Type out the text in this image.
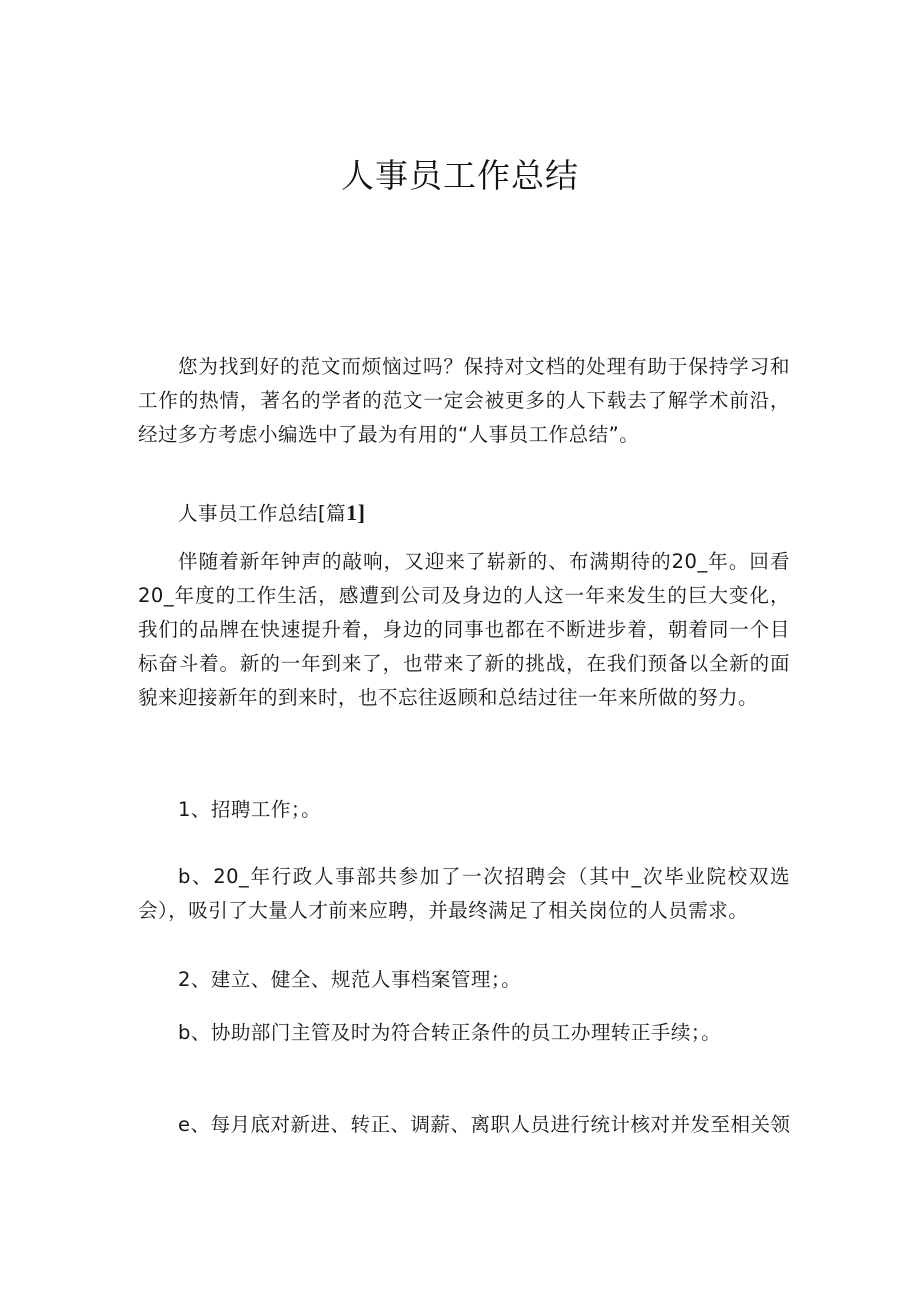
人事员工作总结

您为找到好的范文而烦恼过吗？保持对文档的处理有助于保持学习和工作的热情，著名的学者的范文一定会被更多的人下载去了解学术前沿，经过多方考虑小编选中了最为有用的“人事员工作总结”。

人事员工作总结[篇1]

伴随着新年钟声的敲响，又迎来了崭新的、布满期待的20_年。回看20_年度的工作生活，感遭到公司及身边的人这一年来发生的巨大变化，我们的品牌在快速提升着，身边的同事也都在不断进步着，朝着同一个目标奋斗着。新的一年到来了，也带来了新的挑战，在我们预备以全新的面貌来迎接新年的到来时，也不忘往返顾和总结过往一年来所做的努力。

1、招聘工作；。

b、20_年行政人事部共参加了一次招聘会（其中_次毕业院校双选会），吸引了大量人才前来应聘，并最终满足了相关岗位的人员需求。

2、建立、健全、规范人事档案管理；。
b、协助部门主管及时为符合转正条件的员工办理转正手续；。
e、每月底对新进、转正、调薪、离职人员进行统计核对并发至相关领
